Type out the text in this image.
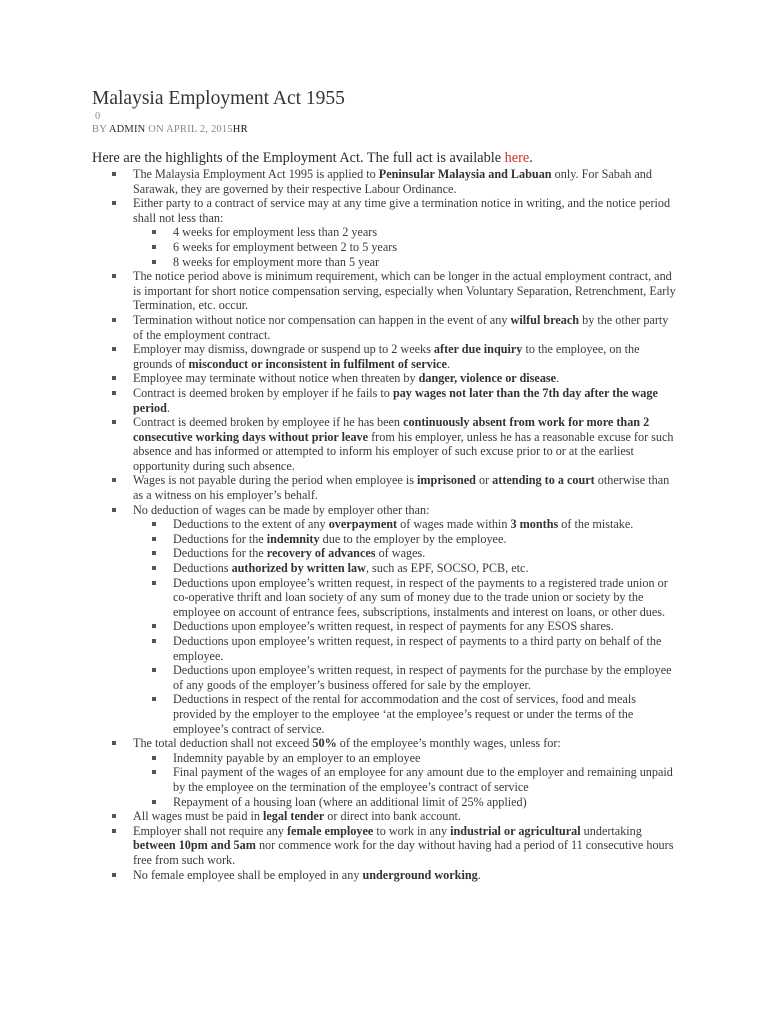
Malaysia Employment Act 1955
0
BY ADMIN ON APRIL 2, 2015HR

Here are the highlights of the Employment Act. The full act is available here.

The Malaysia Employment Act 1995 is applied to Peninsular Malaysia and Labuan only. For Sabah and Sarawak, they are governed by their respective Labour Ordinance.
Either party to a contract of service may at any time give a termination notice in writing, and the notice period shall not less than:
4 weeks for employment less than 2 years
6 weeks for employment between 2 to 5 years
8 weeks for employment more than 5 year
The notice period above is minimum requirement, which can be longer in the actual employment contract, and is important for short notice compensation serving, especially when Voluntary Separation, Retrenchment, Early Termination, etc. occur.
Termination without notice nor compensation can happen in the event of any wilful breach by the other party of the employment contract.
Employer may dismiss, downgrade or suspend up to 2 weeks after due inquiry to the employee, on the grounds of misconduct or inconsistent in fulfilment of service.
Employee may terminate without notice when threaten by danger, violence or disease.
Contract is deemed broken by employer if he fails to pay wages not later than the 7th day after the wage period.
Contract is deemed broken by employee if he has been continuously absent from work for more than 2 consecutive working days without prior leave from his employer, unless he has a reasonable excuse for such absence and has informed or attempted to inform his employer of such excuse prior to or at the earliest opportunity during such absence.
Wages is not payable during the period when employee is imprisoned or attending to a court otherwise than as a witness on his employer’s behalf.
No deduction of wages can be made by employer other than:
Deductions to the extent of any overpayment of wages made within 3 months of the mistake.
Deductions for the indemnity due to the employer by the employee.
Deductions for the recovery of advances of wages.
Deductions authorized by written law, such as EPF, SOCSO, PCB, etc.
Deductions upon employee’s written request, in respect of the payments to a registered trade union or co-operative thrift and loan society of any sum of money due to the trade union or society by the employee on account of entrance fees, subscriptions, instalments and interest on loans, or other dues.
Deductions upon employee’s written request, in respect of payments for any ESOS shares.
Deductions upon employee’s written request, in respect of payments to a third party on behalf of the employee.
Deductions upon employee’s written request, in respect of payments for the purchase by the employee of any goods of the employer’s business offered for sale by the employer.
Deductions in respect of the rental for accommodation and the cost of services, food and meals provided by the employer to the employee ‘at the employee’s request or under the terms of the employee’s contract of service.
The total deduction shall not exceed 50% of the employee’s monthly wages, unless for:
Indemnity payable by an employer to an employee
Final payment of the wages of an employee for any amount due to the employer and remaining unpaid by the employee on the termination of the employee’s contract of service
Repayment of a housing loan (where an additional limit of 25% applied)
All wages must be paid in legal tender or direct into bank account.
Employer shall not require any female employee to work in any industrial or agricultural undertaking between 10pm and 5am nor commence work for the day without having had a period of 11 consecutive hours free from such work.
No female employee shall be employed in any underground working.
